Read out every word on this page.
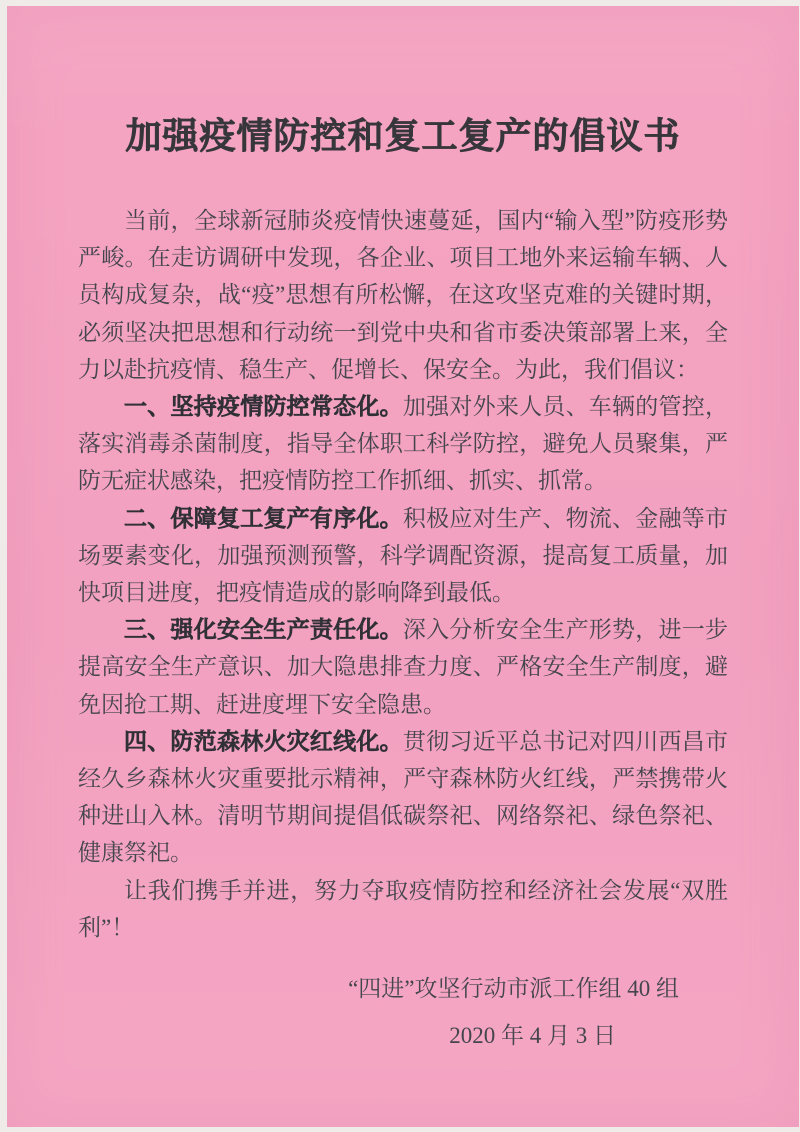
加强疫情防控和复工复产的倡议书

当前，全球新冠肺炎疫情快速蔓延，国内“输入型”防疫形势严峻。在走访调研中发现，各企业、项目工地外来运输车辆、人员构成复杂，战“疫”思想有所松懈，在这攻坚克难的关键时期，必须坚决把思想和行动统一到党中央和省市委决策部署上来，全力以赴抗疫情、稳生产、促增长、保安全。为此，我们倡议：

一、坚持疫情防控常态化。加强对外来人员、车辆的管控，落实消毒杀菌制度，指导全体职工科学防控，避免人员聚集，严防无症状感染，把疫情防控工作抓细、抓实、抓常。

二、保障复工复产有序化。积极应对生产、物流、金融等市场要素变化，加强预测预警，科学调配资源，提高复工质量，加快项目进度，把疫情造成的影响降到最低。

三、强化安全生产责任化。深入分析安全生产形势，进一步提高安全生产意识、加大隐患排查力度、严格安全生产制度，避免因抢工期、赶进度埋下安全隐患。

四、防范森林火灾红线化。贯彻习近平总书记对四川西昌市经久乡森林火灾重要批示精神，严守森林防火红线，严禁携带火种进山入林。清明节期间提倡低碳祭祀、网络祭祀、绿色祭祀、健康祭祀。

让我们携手并进，努力夺取疫情防控和经济社会发展“双胜利”！

“四进”攻坚行动市派工作组 40 组
2020 年 4 月 3 日
